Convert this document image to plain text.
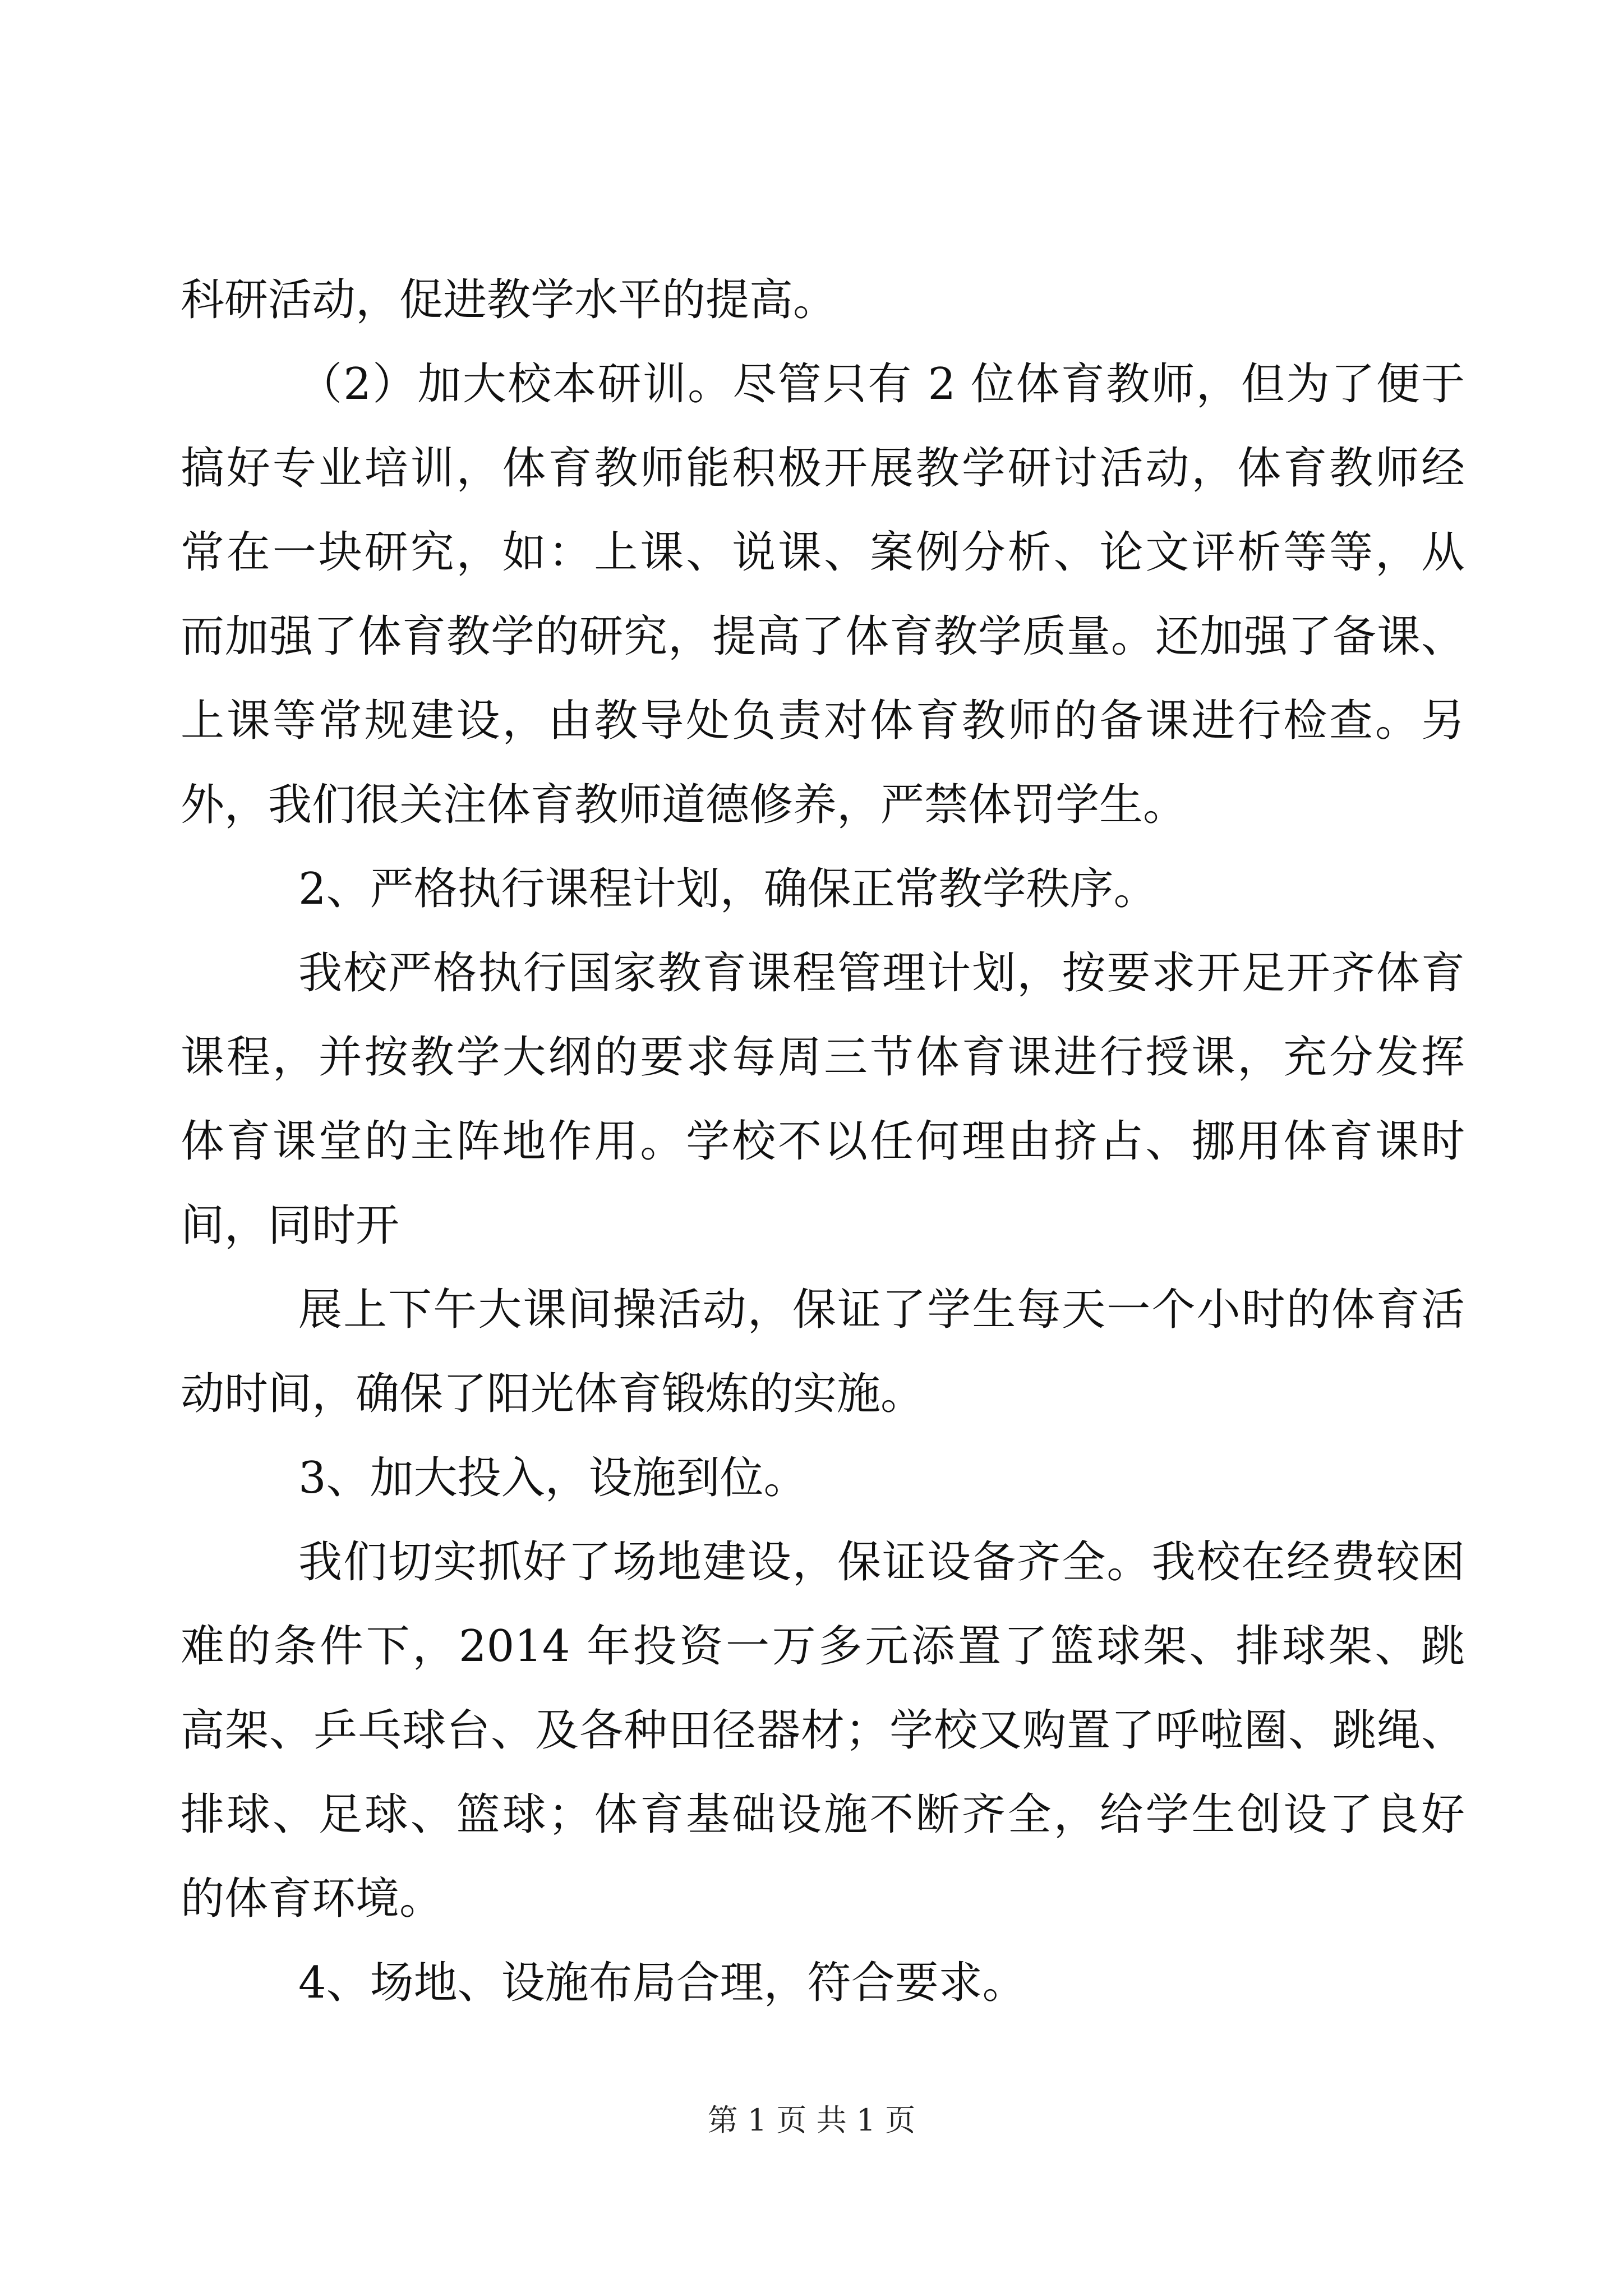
科研活动，促进教学水平的提高。
（2）加大校本研训。尽管只有 2 位体育教师，但为了便于
搞好专业培训，体育教师能积极开展教学研讨活动，体育教师经
常在一块研究，如：上课、说课、案例分析、论文评析等等，从
而加强了体育教学的研究，提高了体育教学质量。还加强了备课、
上课等常规建设，由教导处负责对体育教师的备课进行检查。另
外，我们很关注体育教师道德修养，严禁体罚学生。
2、严格执行课程计划，确保正常教学秩序。
我校严格执行国家教育课程管理计划，按要求开足开齐体育
课程，并按教学大纲的要求每周三节体育课进行授课，充分发挥
体育课堂的主阵地作用。学校不以任何理由挤占、挪用体育课时
间，同时开
展上下午大课间操活动，保证了学生每天一个小时的体育活
动时间，确保了阳光体育锻炼的实施。
3、加大投入，设施到位。
我们切实抓好了场地建设，保证设备齐全。我校在经费较困
难的条件下，2014 年投资一万多元添置了篮球架、排球架、跳
高架、乒乓球台、及各种田径器材；学校又购置了呼啦圈、跳绳、
排球、足球、篮球；体育基础设施不断齐全，给学生创设了良好
的体育环境。
4、场地、设施布局合理，符合要求。
第 1 页 共 1 页
